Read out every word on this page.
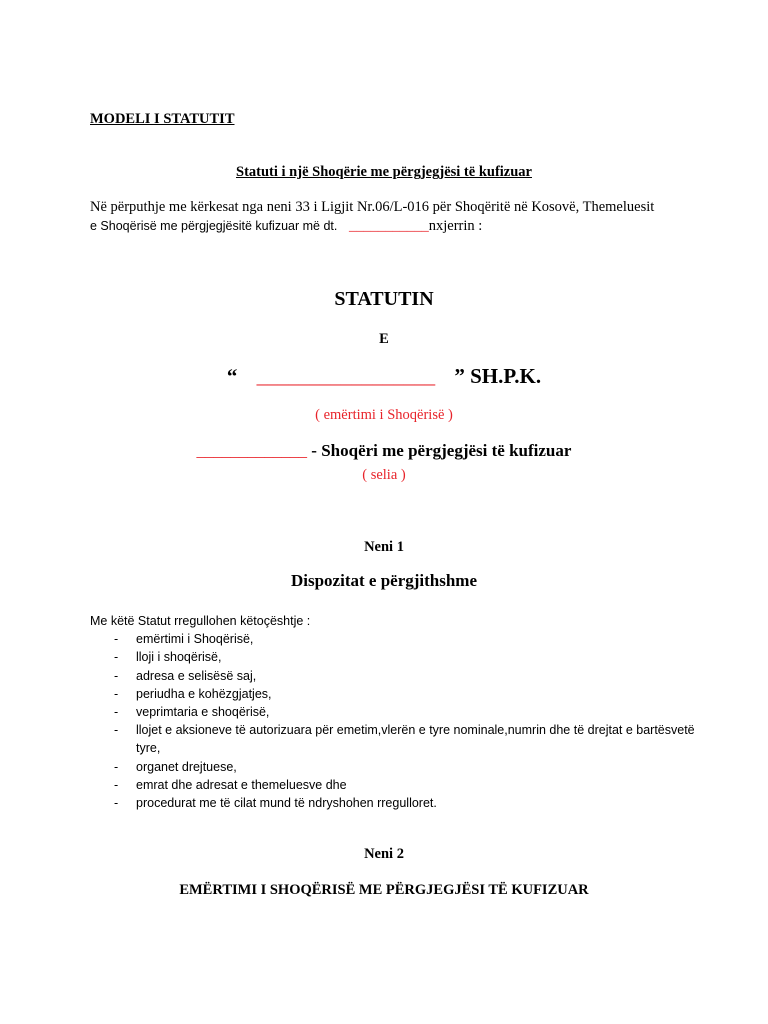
MODELI I STATUTIT
Statuti i një Shoqërie me përgjegjësi të kufizuar
Në përputhje me kërkesat nga neni 33 i Ligjit Nr.06/L-016 për Shoqëritë në Kosovë, Themeluesit
e Shoqërisë me përgjegjësitë kufizuar më dt. ___________nxjerrin :
STATUTIN
E
“ _________________ ” SH.P.K.
( emërtimi i Shoqërisë )
_____________ - Shoqëri me përgjegjësi të kufizuar
( selia )
Neni 1
Dispozitat e përgjithshme
Me këtë Statut rregullohen këtoçështje :
- emërtimi i Shoqërisë,
- lloji i shoqërisë,
- adresa e selisësë saj,
- periudha e kohëzgjatjes,
- veprimtaria e shoqërisë,
- llojet e aksioneve të autorizuara për emetim,vlerën e tyre nominale,numrin dhe të drejtat e bartësvetë tyre,
- organet drejtuese,
- emrat dhe adresat e themeluesve dhe
- procedurat me të cilat mund të ndryshohen rregulloret.
Neni 2
EMËRTIMI I SHOQËRISË ME PËRGJEGJËSI TË KUFIZUAR
